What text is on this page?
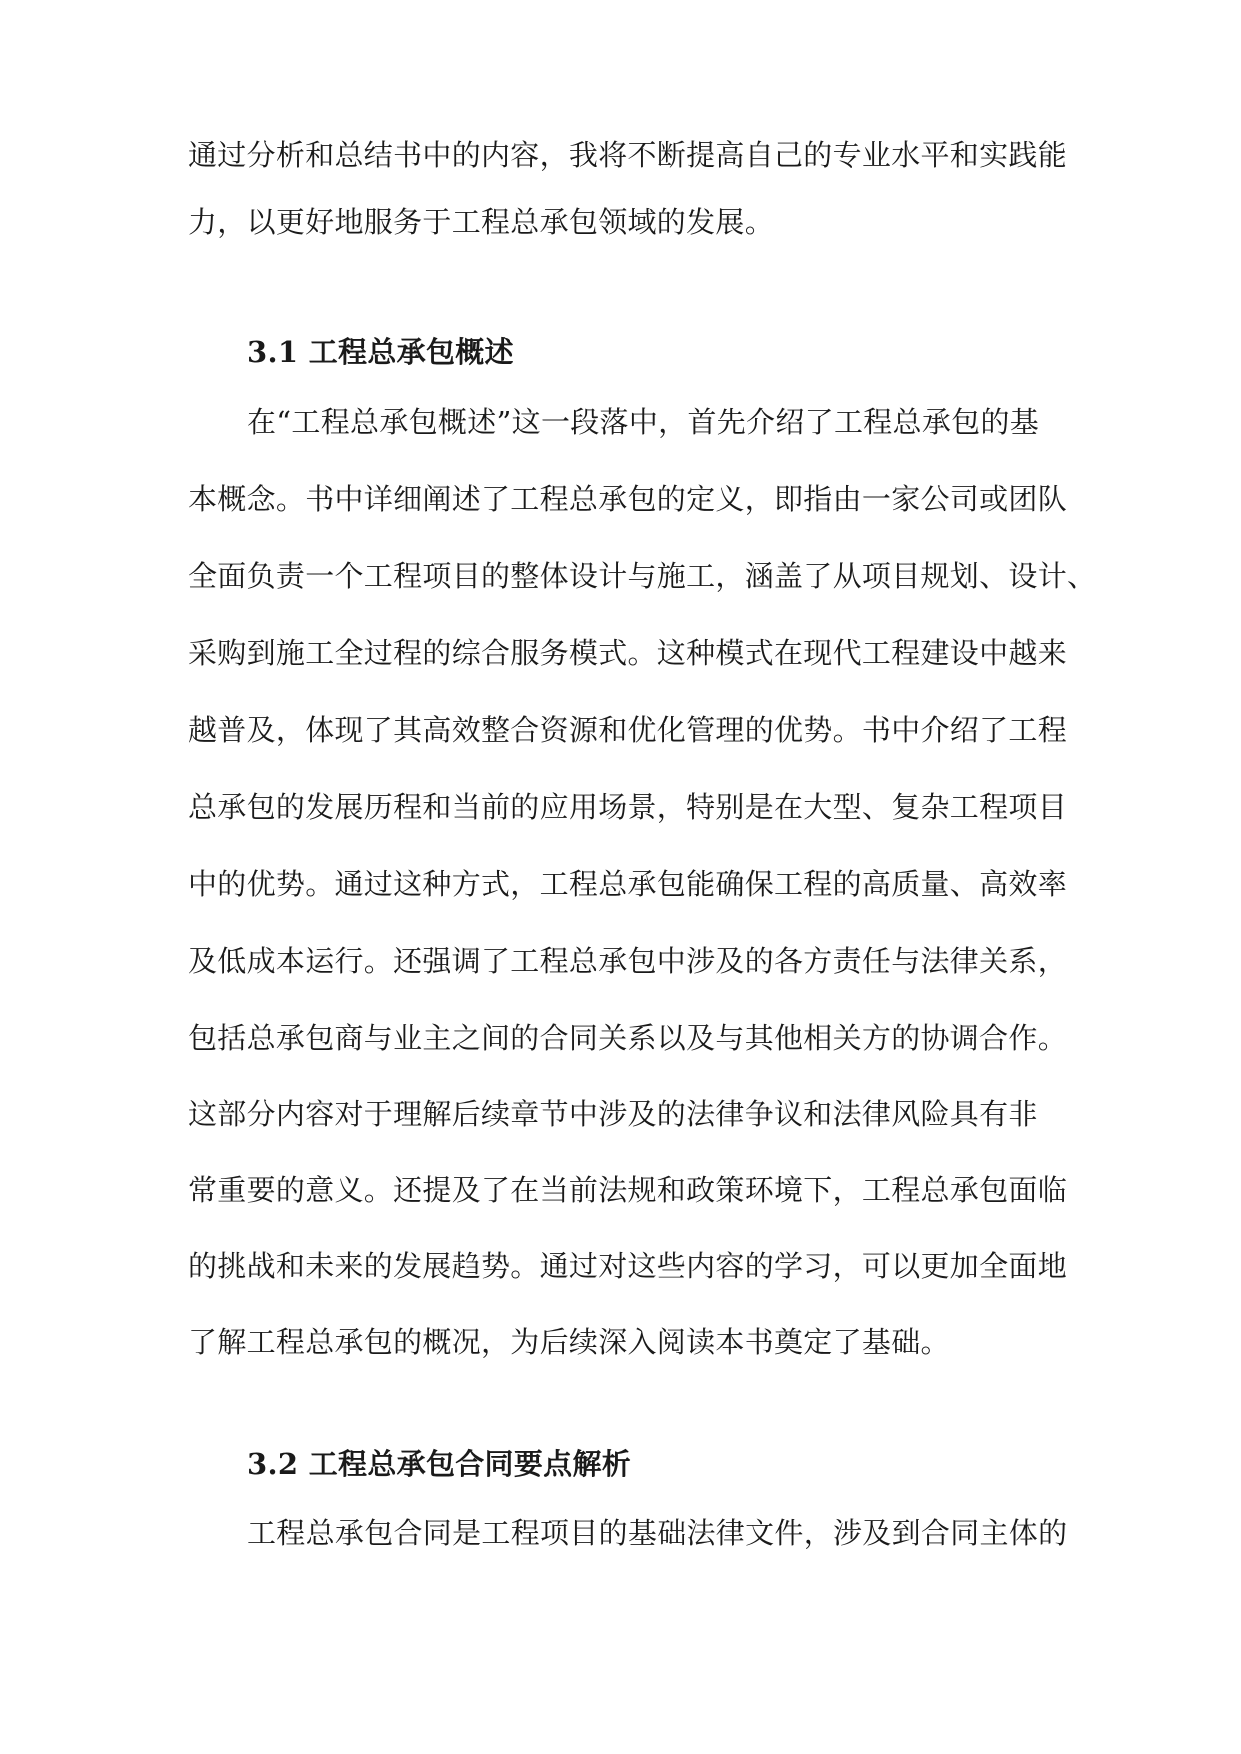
通过分析和总结书中的内容，我将不断提高自己的专业水平和实践能
力，以更好地服务于工程总承包领域的发展。
3.1 工程总承包概述
在“工程总承包概述”这一段落中，首先介绍了工程总承包的基
本概念。书中详细阐述了工程总承包的定义，即指由一家公司或团队
全面负责一个工程项目的整体设计与施工，涵盖了从项目规划、设计、
采购到施工全过程的综合服务模式。这种模式在现代工程建设中越来
越普及，体现了其高效整合资源和优化管理的优势。书中介绍了工程
总承包的发展历程和当前的应用场景，特别是在大型、复杂工程项目
中的优势。通过这种方式，工程总承包能确保工程的高质量、高效率
及低成本运行。还强调了工程总承包中涉及的各方责任与法律关系，
包括总承包商与业主之间的合同关系以及与其他相关方的协调合作。
这部分内容对于理解后续章节中涉及的法律争议和法律风险具有非
常重要的意义。还提及了在当前法规和政策环境下，工程总承包面临
的挑战和未来的发展趋势。通过对这些内容的学习，可以更加全面地
了解工程总承包的概况，为后续深入阅读本书奠定了基础。
3.2 工程总承包合同要点解析
工程总承包合同是工程项目的基础法律文件，涉及到合同主体的
